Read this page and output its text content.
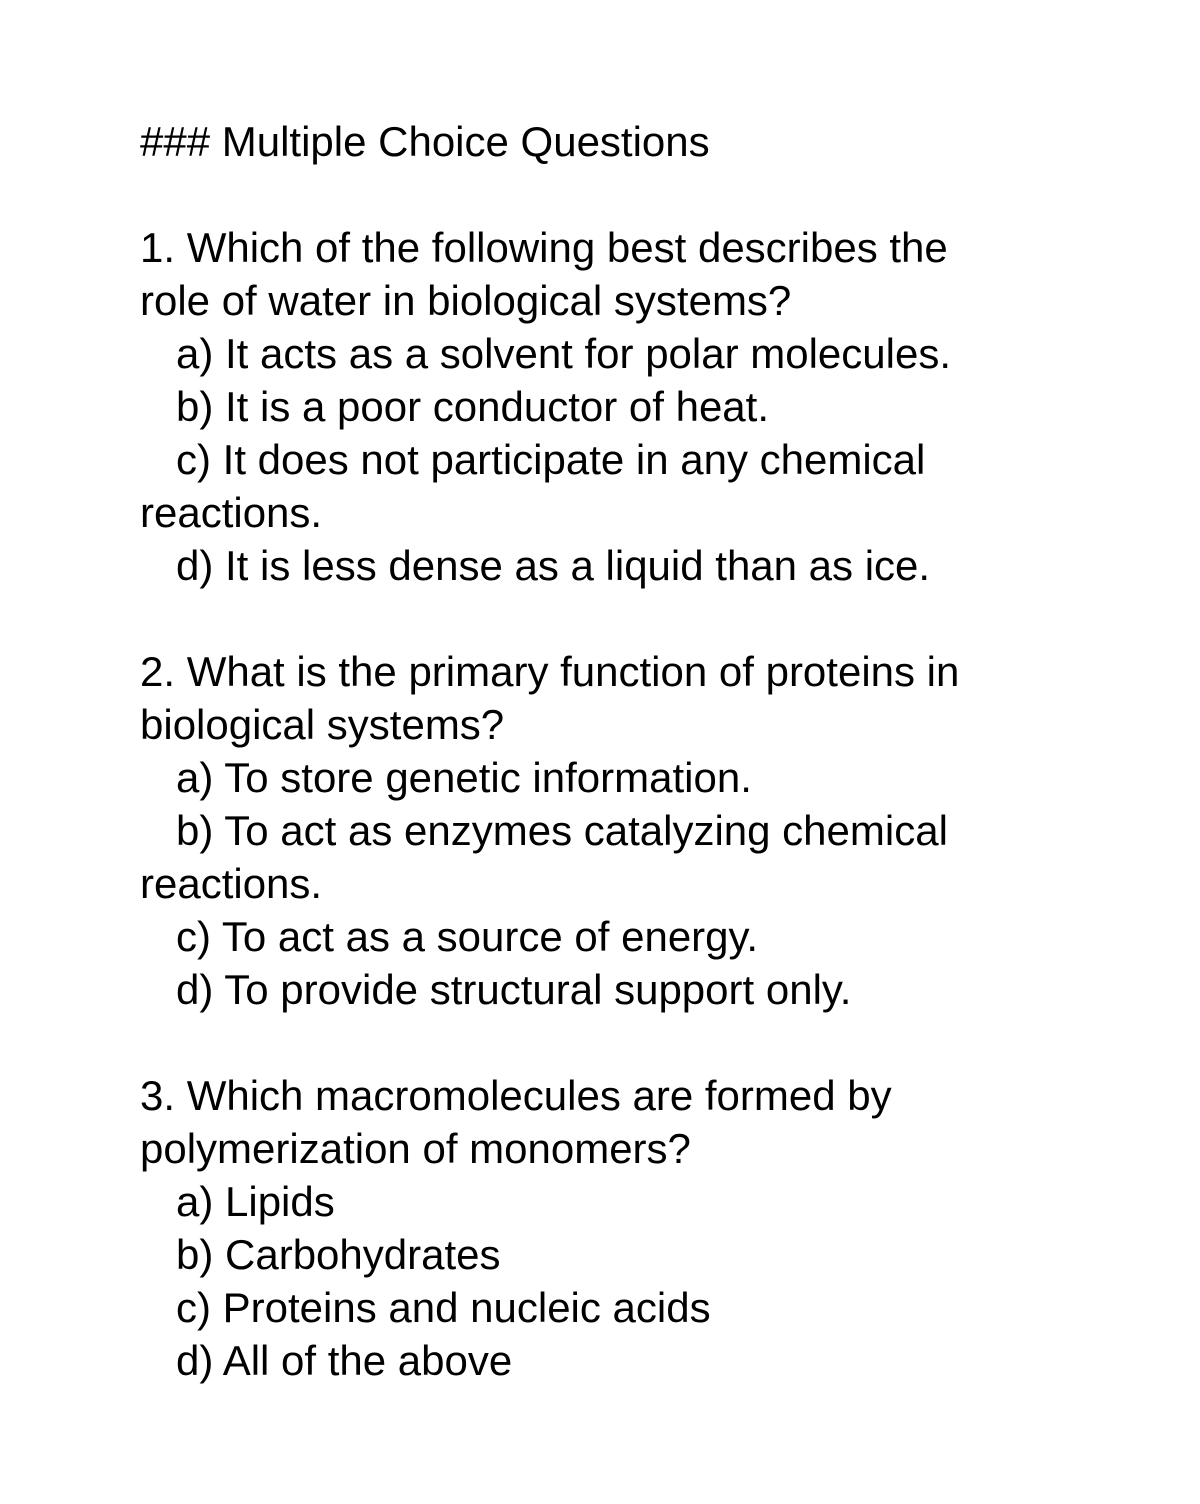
### Multiple Choice Questions
1. Which of the following best describes the
role of water in biological systems?
a) It acts as a solvent for polar molecules.
b) It is a poor conductor of heat.
c) It does not participate in any chemical
reactions.
d) It is less dense as a liquid than as ice.
2. What is the primary function of proteins in
biological systems?
a) To store genetic information.
b) To act as enzymes catalyzing chemical
reactions.
c) To act as a source of energy.
d) To provide structural support only.
3. Which macromolecules are formed by
polymerization of monomers?
a) Lipids
b) Carbohydrates
c) Proteins and nucleic acids
d) All of the above
